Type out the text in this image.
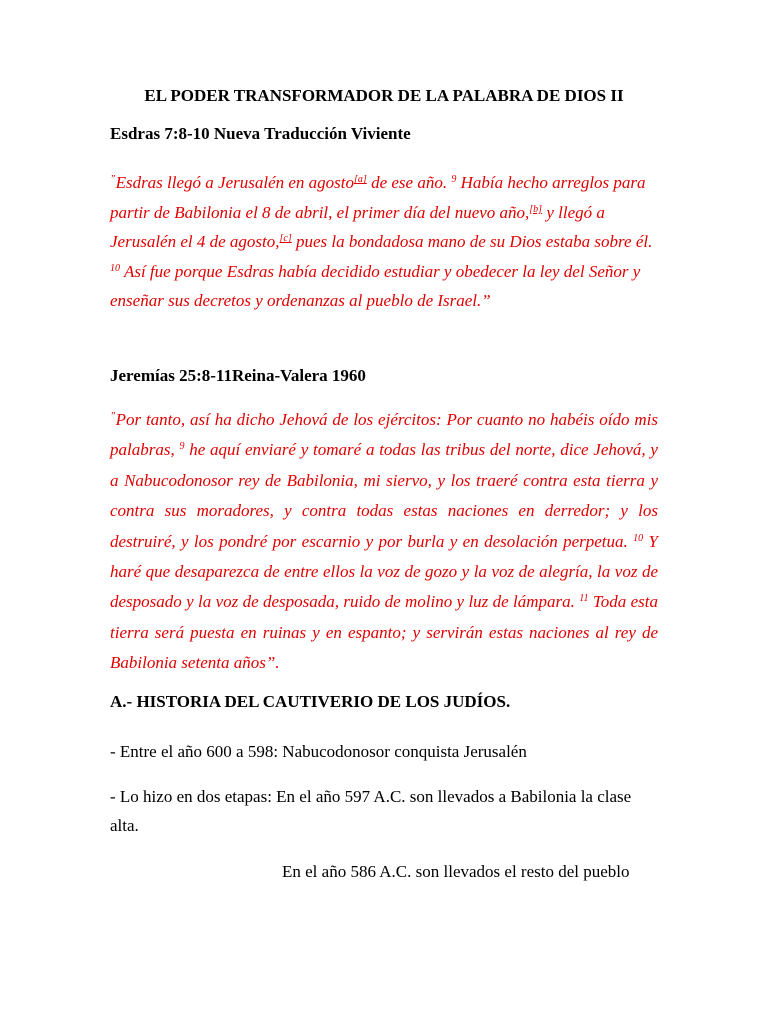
EL PODER TRANSFORMADOR DE LA PALABRA DE DIOS II
Esdras 7:8-10 Nueva Traducción Viviente
”Esdras llegó a Jerusalén en agosto[a] de ese año. $^9$ Había hecho arreglos para partir de Babilonia el 8 de abril, el primer día del nuevo año,[b] y llegó a Jerusalén el 4 de agosto,[c] pues la bondadosa mano de su Dios estaba sobre él. $^{10}$ Así fue porque Esdras había decidido estudiar y obedecer la ley del Señor y enseñar sus decretos y ordenanzas al pueblo de Israel.”
Jeremías 25:8-11Reina-Valera 1960
”Por tanto, así ha dicho Jehová de los ejércitos: Por cuanto no habéis oído mis palabras, $^9$ he aquí enviaré y tomaré a todas las tribus del norte, dice Jehová, y a Nabucodonosor rey de Babilonia, mi siervo, y los traeré contra esta tierra y contra sus moradores, y contra todas estas naciones en derredor; y los destruiré, y los pondré por escarnio y por burla y en desolación perpetua. $^{10}$ Y haré que desaparezca de entre ellos la voz de gozo y la voz de alegría, la voz de desposado y la voz de desposada, ruido de molino y luz de lámpara. $^{11}$ Toda esta tierra será puesta en ruinas y en espanto; y servirán estas naciones al rey de Babilonia setenta años”.
A.- HISTORIA DEL CAUTIVERIO DE LOS JUDÍOS.
- Entre el año 600 a 598: Nabucodonosor conquista Jerusalén
- Lo hizo en dos etapas: En el año 597 A.C. son llevados a Babilonia la clase alta.
En el año 586 A.C. son llevados el resto del pueblo
